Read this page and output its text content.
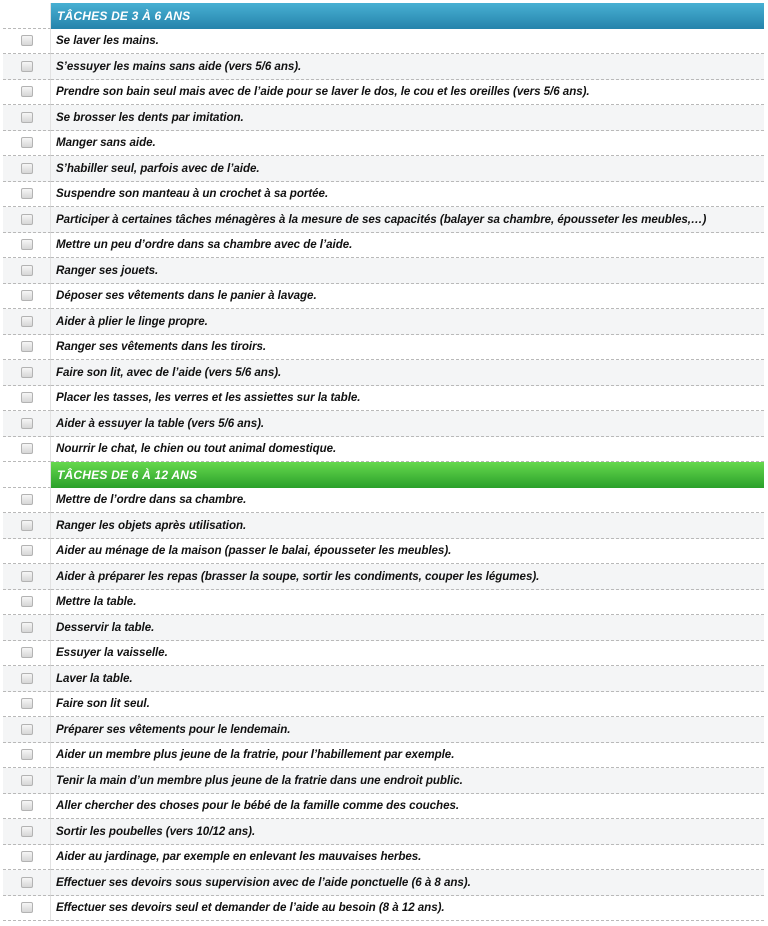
TÂCHES DE 3 À 6 ANS
Se laver les mains.
S’essuyer les mains sans aide (vers 5/6 ans).
Prendre son bain seul mais avec de l’aide pour se laver le dos, le cou et les oreilles (vers 5/6 ans).
Se brosser les dents par imitation.
Manger sans aide.
S’habiller seul, parfois avec de l’aide.
Suspendre son manteau à un crochet à sa portée.
Participer à certaines tâches ménagères à la mesure de ses capacités (balayer sa chambre, épousseter les meubles,…)
Mettre un peu d’ordre dans sa chambre avec de l’aide.
Ranger ses jouets.
Déposer ses vêtements dans le panier à lavage.
Aider à plier le linge propre.
Ranger ses vêtements dans les tiroirs.
Faire son lit, avec de l’aide (vers 5/6 ans).
Placer les tasses, les verres et les assiettes sur la table.
Aider à essuyer la table (vers 5/6 ans).
Nourrir le chat, le chien ou tout animal domestique.
TÂCHES DE 6 À 12 ANS
Mettre de l’ordre dans sa chambre.
Ranger les objets après utilisation.
Aider au ménage de la maison (passer le balai, épousseter les meubles).
Aider à préparer les repas (brasser la soupe, sortir les condiments, couper les légumes).
Mettre la table.
Desservir la table.
Essuyer la vaisselle.
Laver la table.
Faire son lit seul.
Préparer ses vêtements pour le lendemain.
Aider un membre plus jeune de la fratrie, pour l’habillement par exemple.
Tenir la main d’un membre plus jeune de la fratrie dans une endroit public.
Aller chercher des choses pour le bébé de la famille comme des couches.
Sortir les poubelles (vers 10/12 ans).
Aider au jardinage, par exemple en enlevant les mauvaises herbes.
Effectuer ses devoirs sous supervision avec de l’aide ponctuelle (6 à 8 ans).
Effectuer ses devoirs seul et demander de l’aide au besoin (8 à 12 ans).
